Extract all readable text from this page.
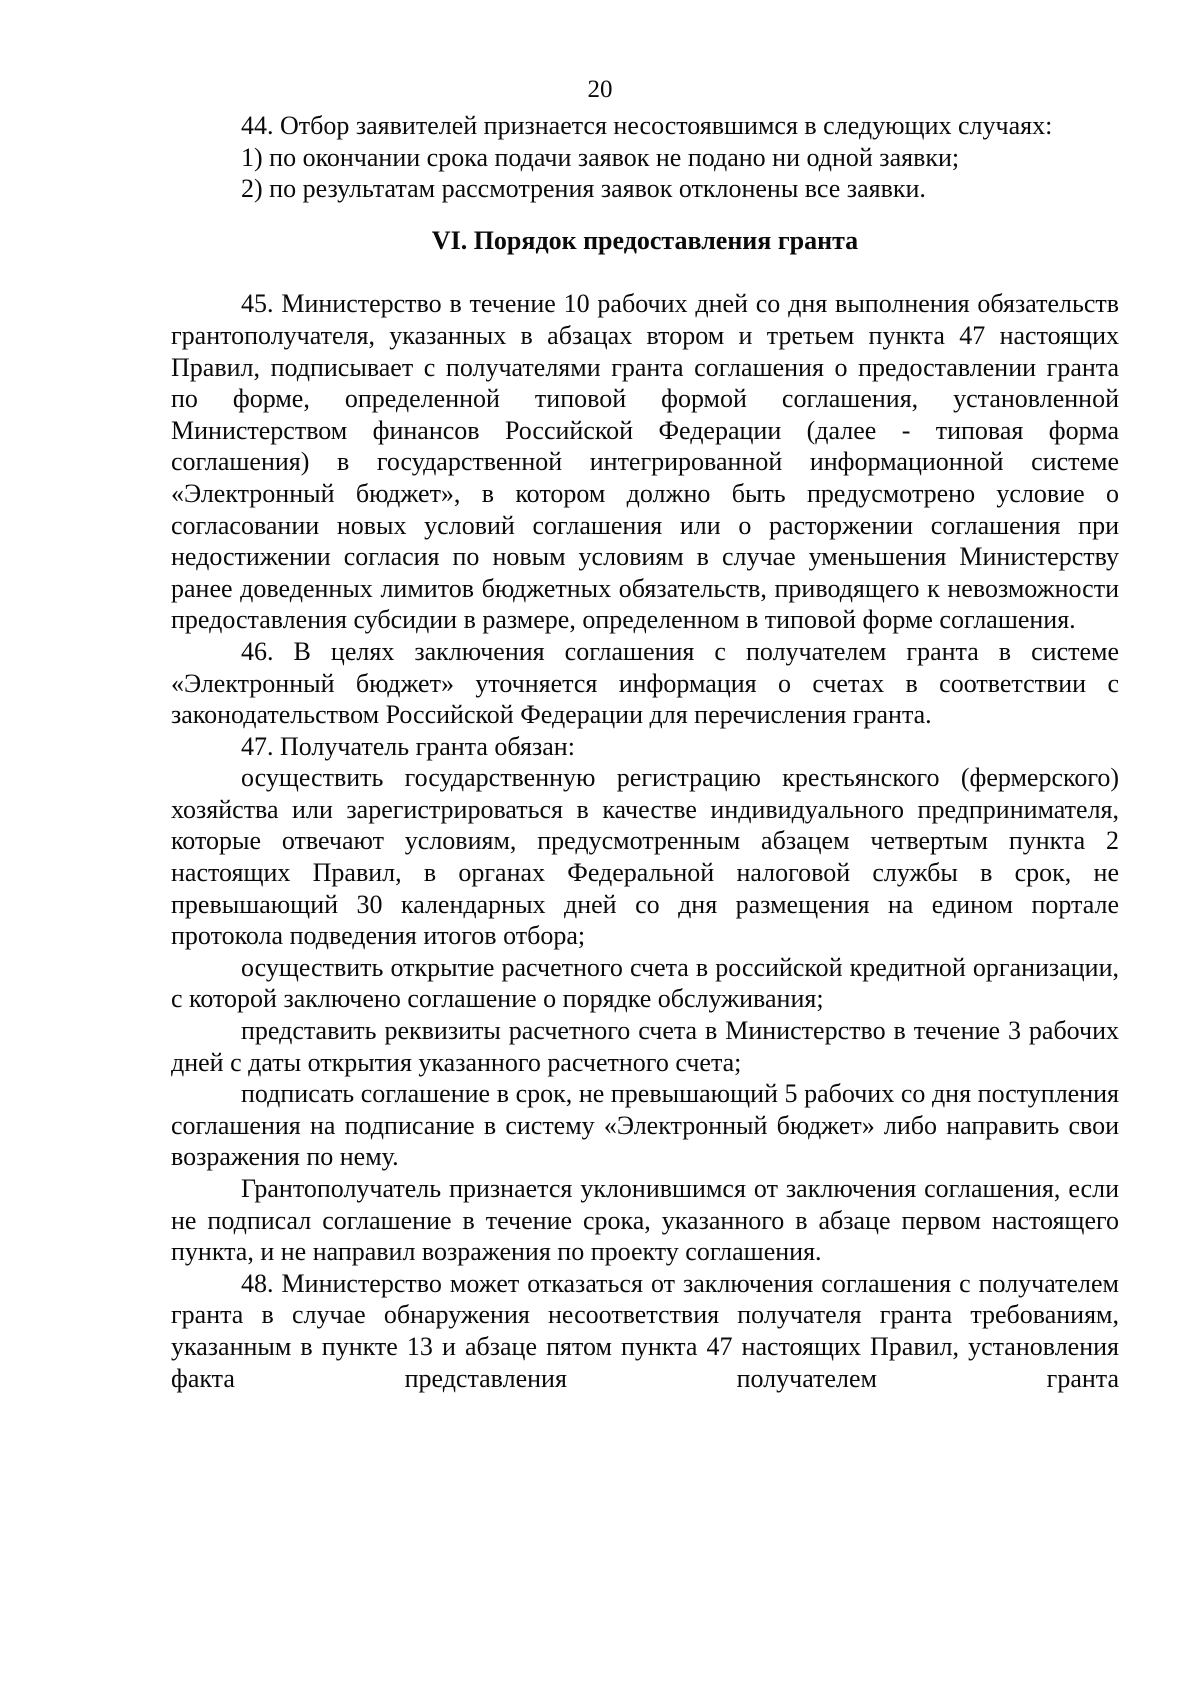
20

44. Отбор заявителей признается несостоявшимся в следующих случаях:

1) по окончании срока подачи заявок не подано ни одной заявки;

2) по результатам рассмотрения заявок отклонены все заявки.

VI. Порядок предоставления гранта

45. Министерство в течение 10 рабочих дней со дня выполнения обязательств грантополучателя, указанных в абзацах втором и третьем пункта 47 настоящих Правил, подписывает с получателями гранта соглашения о предоставлении гранта по форме, определенной типовой формой соглашения, установленной Министерством финансов Российской Федерации (далее - типовая форма соглашения) в государственной интегрированной информационной системе «Электронный бюджет», в котором должно быть предусмотрено условие о согласовании новых условий соглашения или о расторжении соглашения при недостижении согласия по новым условиям в случае уменьшения Министерству ранее доведенных лимитов бюджетных обязательств, приводящего к невозможности предоставления субсидии в размере, определенном в типовой форме соглашения.

46. В целях заключения соглашения с получателем гранта в системе «Электронный бюджет» уточняется информация о счетах в соответствии с законодательством Российской Федерации для перечисления гранта.

47. Получатель гранта обязан:

осуществить государственную регистрацию крестьянского (фермерского) хозяйства или зарегистрироваться в качестве индивидуального предпринимателя, которые отвечают условиям, предусмотренным абзацем четвертым пункта 2 настоящих Правил, в органах Федеральной налоговой службы в срок, не превышающий 30 календарных дней со дня размещения на едином портале протокола подведения итогов отбора;

осуществить открытие расчетного счета в российской кредитной организации, с которой заключено соглашение о порядке обслуживания;

представить реквизиты расчетного счета в Министерство в течение 3 рабочих дней с даты открытия указанного расчетного счета;

подписать соглашение в срок, не превышающий 5 рабочих со дня поступления соглашения на подписание в систему «Электронный бюджет» либо направить свои возражения по нему.

Грантополучатель признается уклонившимся от заключения соглашения, если не подписал соглашение в течение срока, указанного в абзаце первом настоящего пункта, и не направил возражения по проекту соглашения.

48. Министерство может отказаться от заключения соглашения с получателем гранта в случае обнаружения несоответствия получателя гранта требованиям, указанным в пункте 13 и абзаце пятом пункта 47 настоящих Правил, установления факта представления получателем гранта
